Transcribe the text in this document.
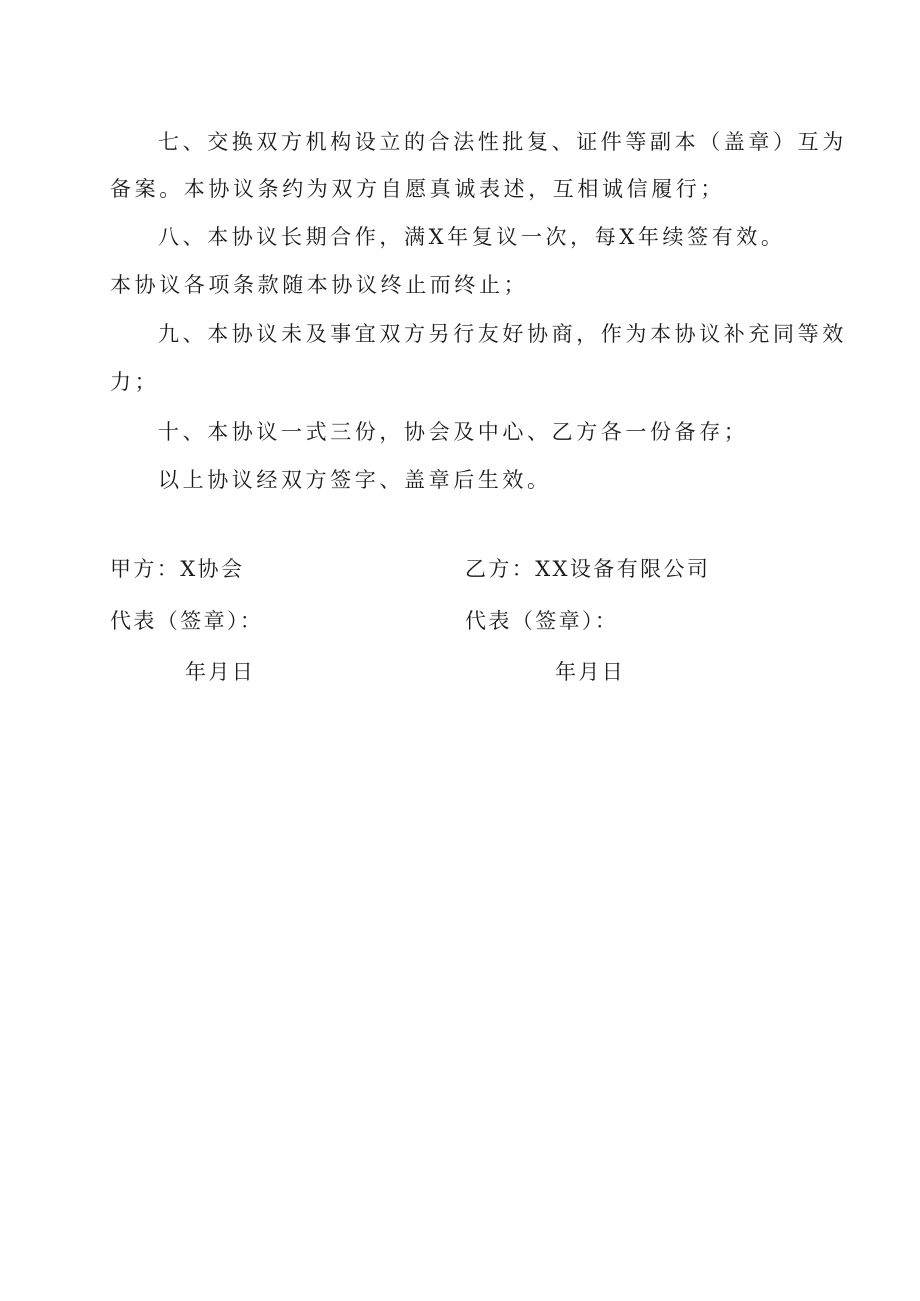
七、交换双方机构设立的合法性批复、证件等副本（盖章）互为
备案。本协议条约为双方自愿真诚表述，互相诚信履行；
八、本协议长期合作，满X年复议一次，每X年续签有效。
本协议各项条款随本协议终止而终止；
九、本协议未及事宜双方另行友好协商，作为本协议补充同等效
力；
十、本协议一式三份，协会及中心、乙方各一份备存；
以上协议经双方签字、盖章后生效。
甲方：X协会	乙方：XX设备有限公司
代表（签章）：	代表（签章）：
年月日	年月日
